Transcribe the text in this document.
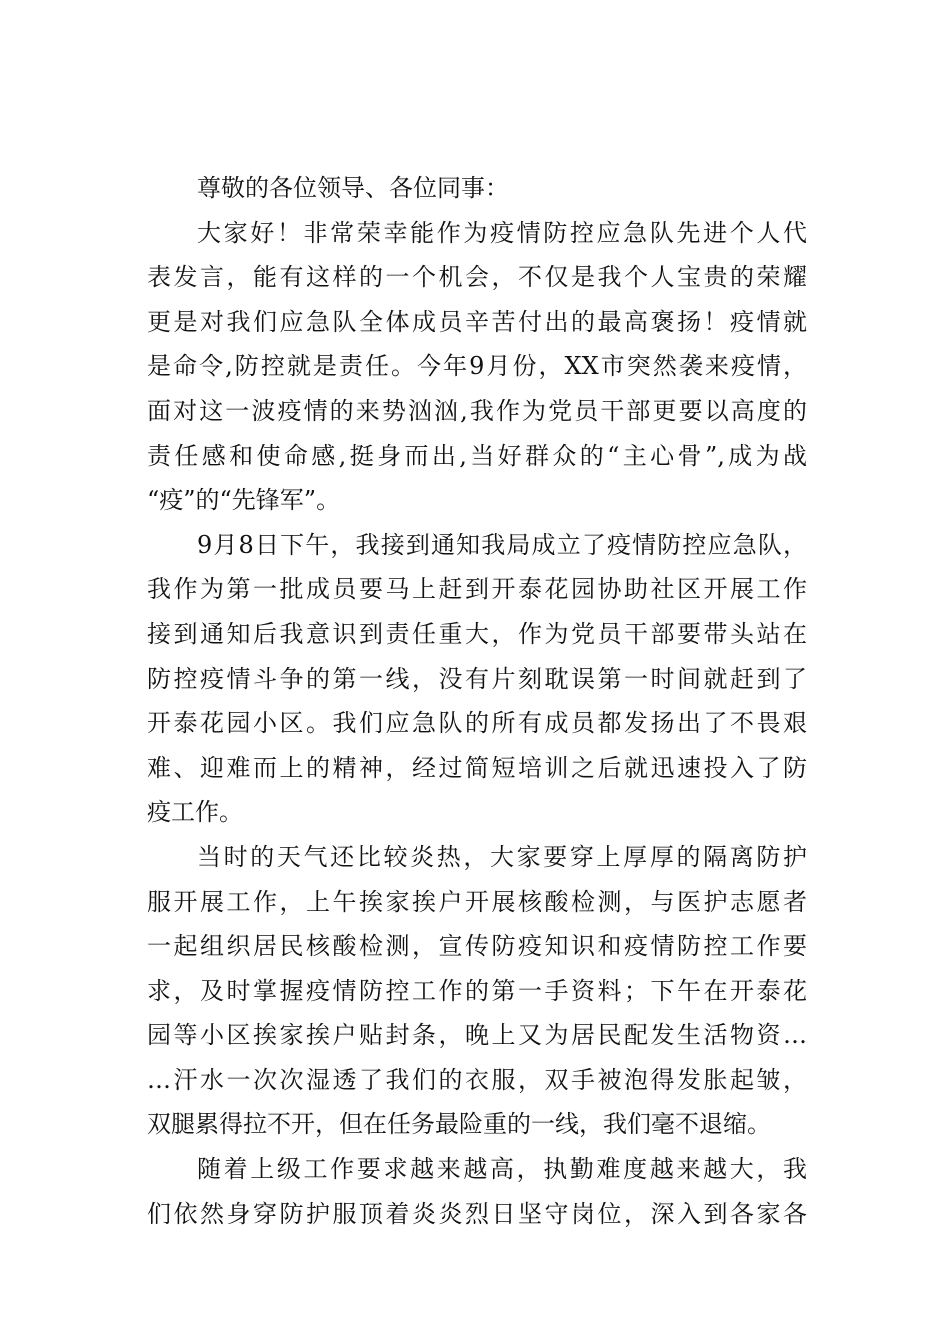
尊敬的各位领导、各位同事：
大家好！非常荣幸能作为疫情防控应急队先进个人代
表发言，能有这样的一个机会，不仅是我个人宝贵的荣耀
更是对我们应急队全体成员辛苦付出的最高褒扬！疫情就
是命令,防控就是责任。今年9月份，XX市突然袭来疫情，
面对这一波疫情的来势汹汹,我作为党员干部更要以高度的
责任感和使命感,挺身而出,当好群众的“主心骨”,成为战
“疫”的“先锋军”。
9月8日下午，我接到通知我局成立了疫情防控应急队，
我作为第一批成员要马上赶到开泰花园协助社区开展工作
接到通知后我意识到责任重大，作为党员干部要带头站在
防控疫情斗争的第一线，没有片刻耽误第一时间就赶到了
开泰花园小区。我们应急队的所有成员都发扬出了不畏艰
难、迎难而上的精神，经过简短培训之后就迅速投入了防
疫工作。
当时的天气还比较炎热，大家要穿上厚厚的隔离防护
服开展工作，上午挨家挨户开展核酸检测，与医护志愿者
一起组织居民核酸检测，宣传防疫知识和疫情防控工作要
求，及时掌握疫情防控工作的第一手资料；下午在开泰花
园等小区挨家挨户贴封条，晚上又为居民配发生活物资…
…汗水一次次湿透了我们的衣服，双手被泡得发胀起皱，
双腿累得拉不开，但在任务最险重的一线，我们毫不退缩。
随着上级工作要求越来越高，执勤难度越来越大，我
们依然身穿防护服顶着炎炎烈日坚守岗位，深入到各家各
